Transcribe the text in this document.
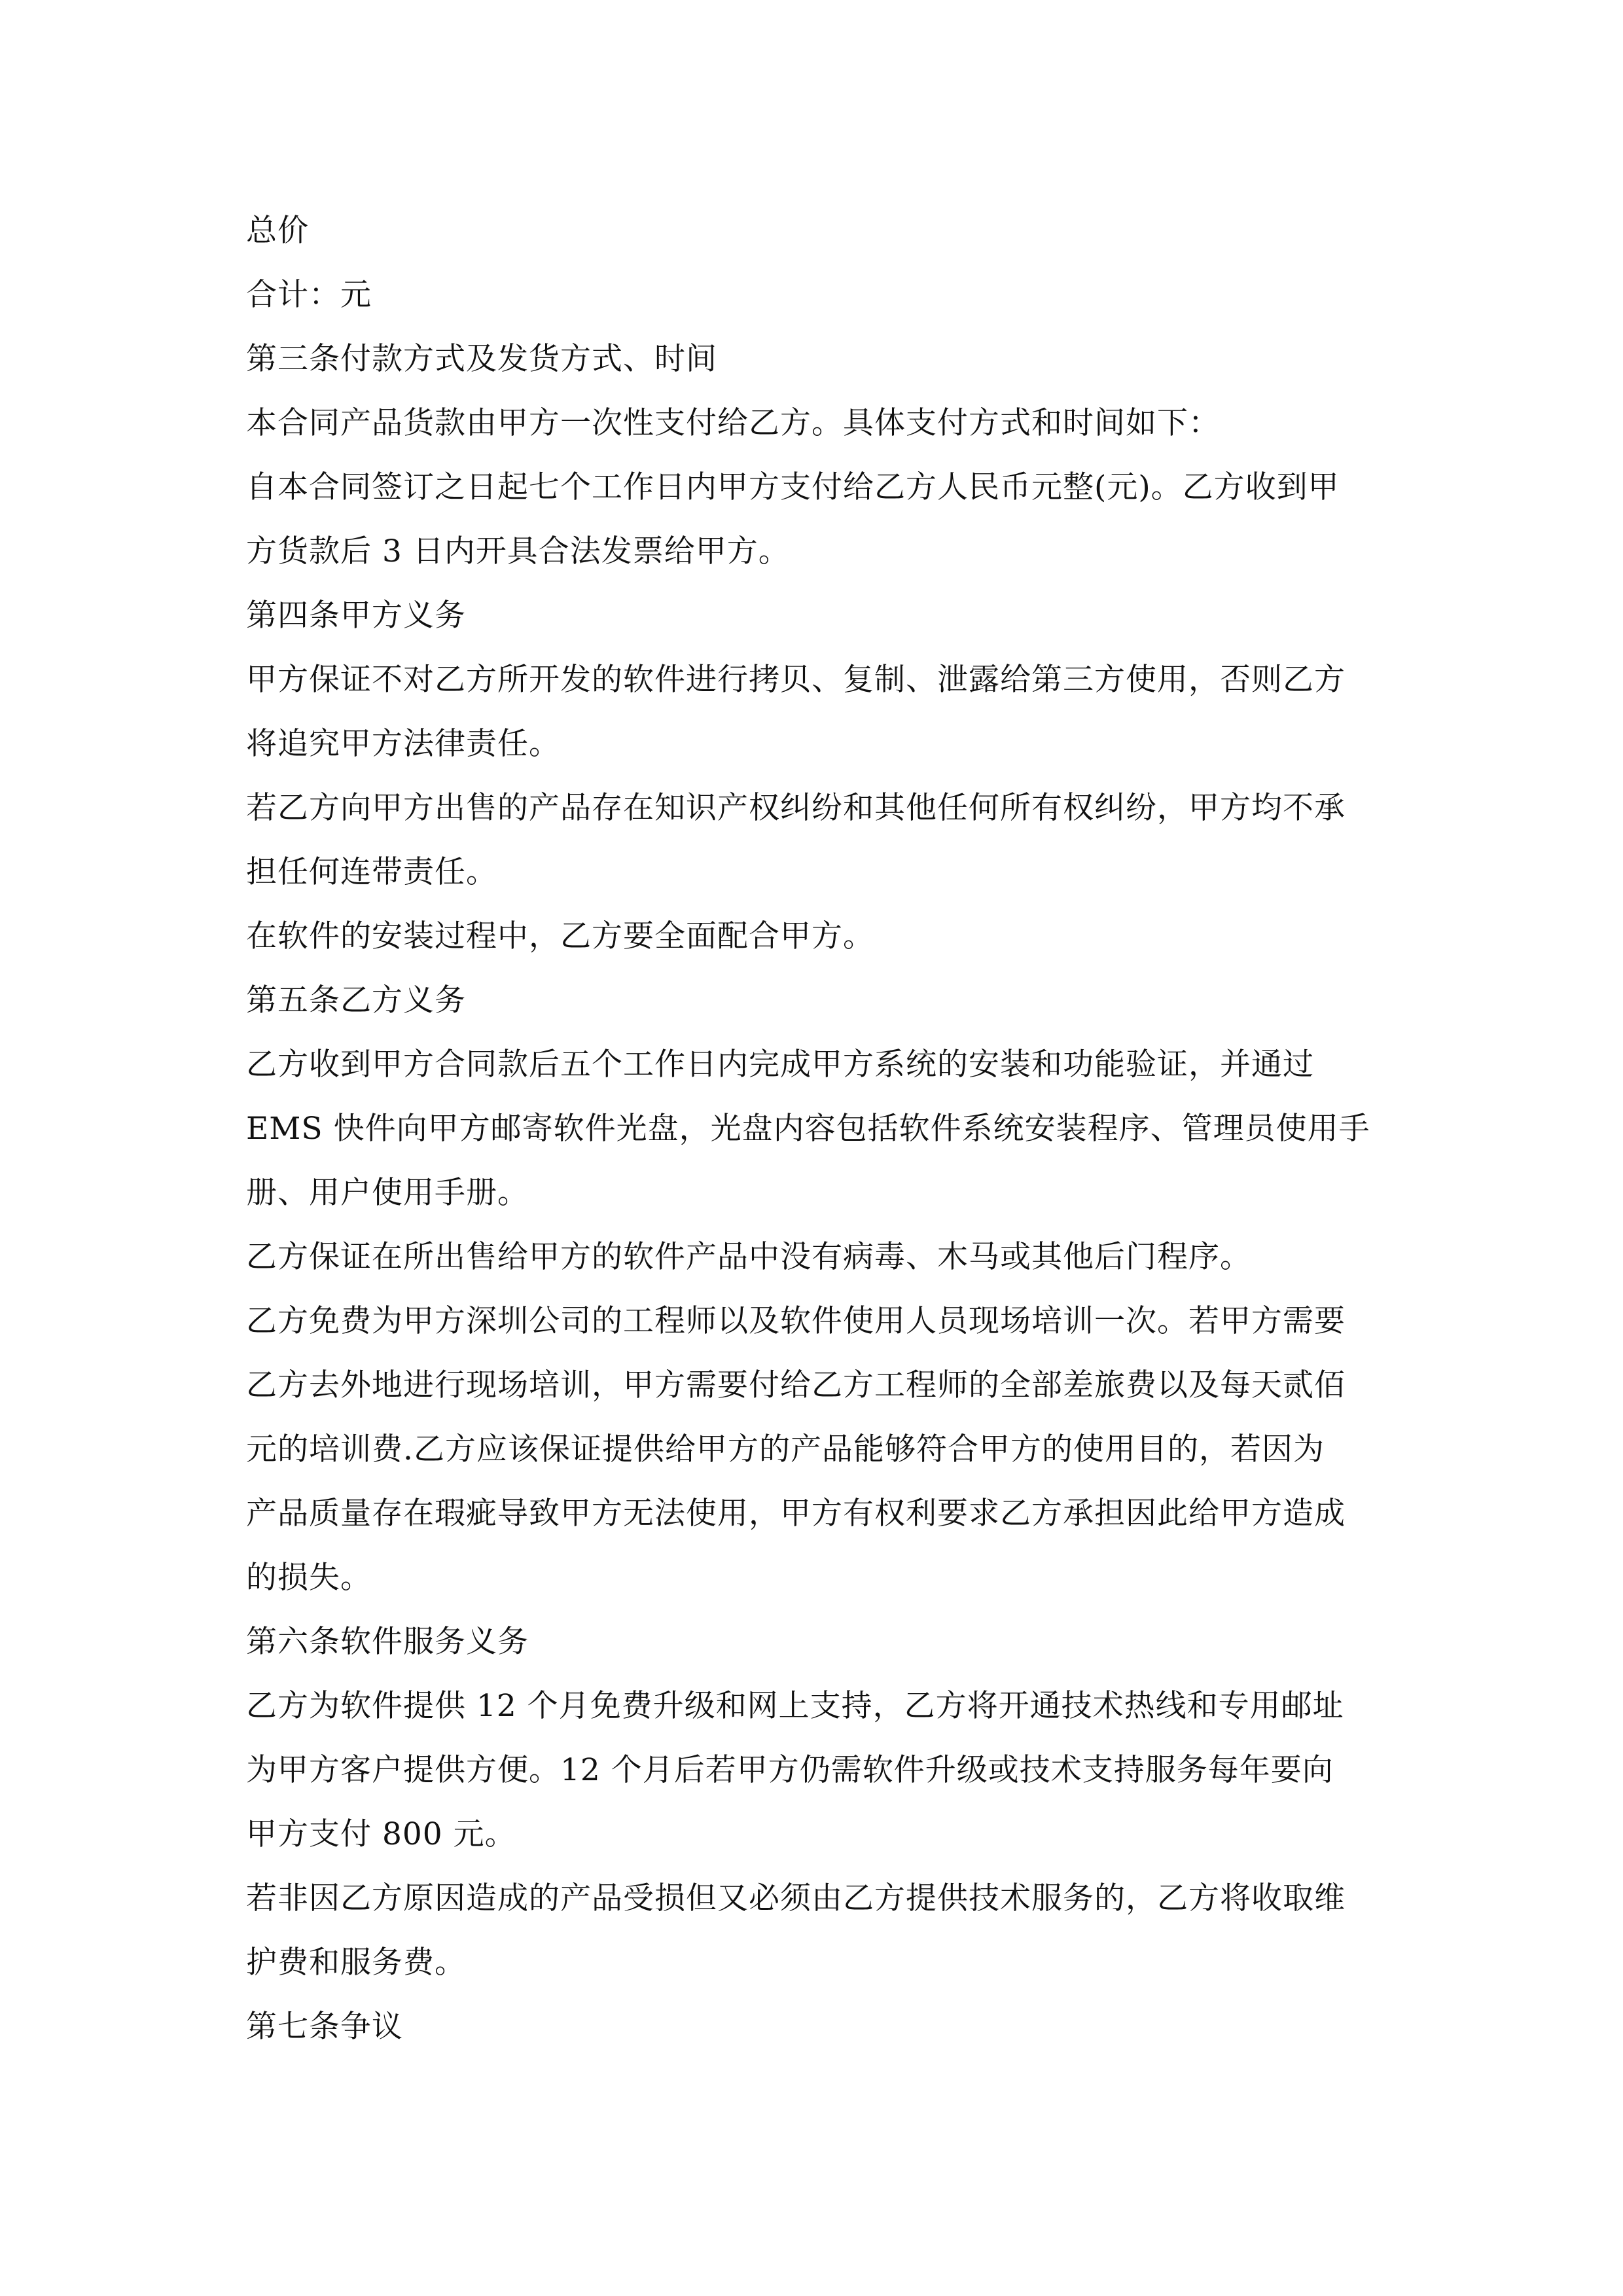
总价
合计：元
第三条付款方式及发货方式、时间
本合同产品货款由甲方一次性支付给乙方。具体支付方式和时间如下：
自本合同签订之日起七个工作日内甲方支付给乙方人民币元整(元)。乙方收到甲
方货款后 3 日内开具合法发票给甲方。
第四条甲方义务
甲方保证不对乙方所开发的软件进行拷贝、复制、泄露给第三方使用，否则乙方
将追究甲方法律责任。
若乙方向甲方出售的产品存在知识产权纠纷和其他任何所有权纠纷，甲方均不承
担任何连带责任。
在软件的安装过程中，乙方要全面配合甲方。
第五条乙方义务
乙方收到甲方合同款后五个工作日内完成甲方系统的安装和功能验证，并通过
EMS 快件向甲方邮寄软件光盘，光盘内容包括软件系统安装程序、管理员使用手
册、用户使用手册。
乙方保证在所出售给甲方的软件产品中没有病毒、木马或其他后门程序。
乙方免费为甲方深圳公司的工程师以及软件使用人员现场培训一次。若甲方需要
乙方去外地进行现场培训，甲方需要付给乙方工程师的全部差旅费以及每天贰佰
元的培训费.乙方应该保证提供给甲方的产品能够符合甲方的使用目的，若因为
产品质量存在瑕疵导致甲方无法使用，甲方有权利要求乙方承担因此给甲方造成
的损失。
第六条软件服务义务
乙方为软件提供 12 个月免费升级和网上支持，乙方将开通技术热线和专用邮址
为甲方客户提供方便。12 个月后若甲方仍需软件升级或技术支持服务每年要向
甲方支付 800 元。
若非因乙方原因造成的产品受损但又必须由乙方提供技术服务的，乙方将收取维
护费和服务费。
第七条争议
